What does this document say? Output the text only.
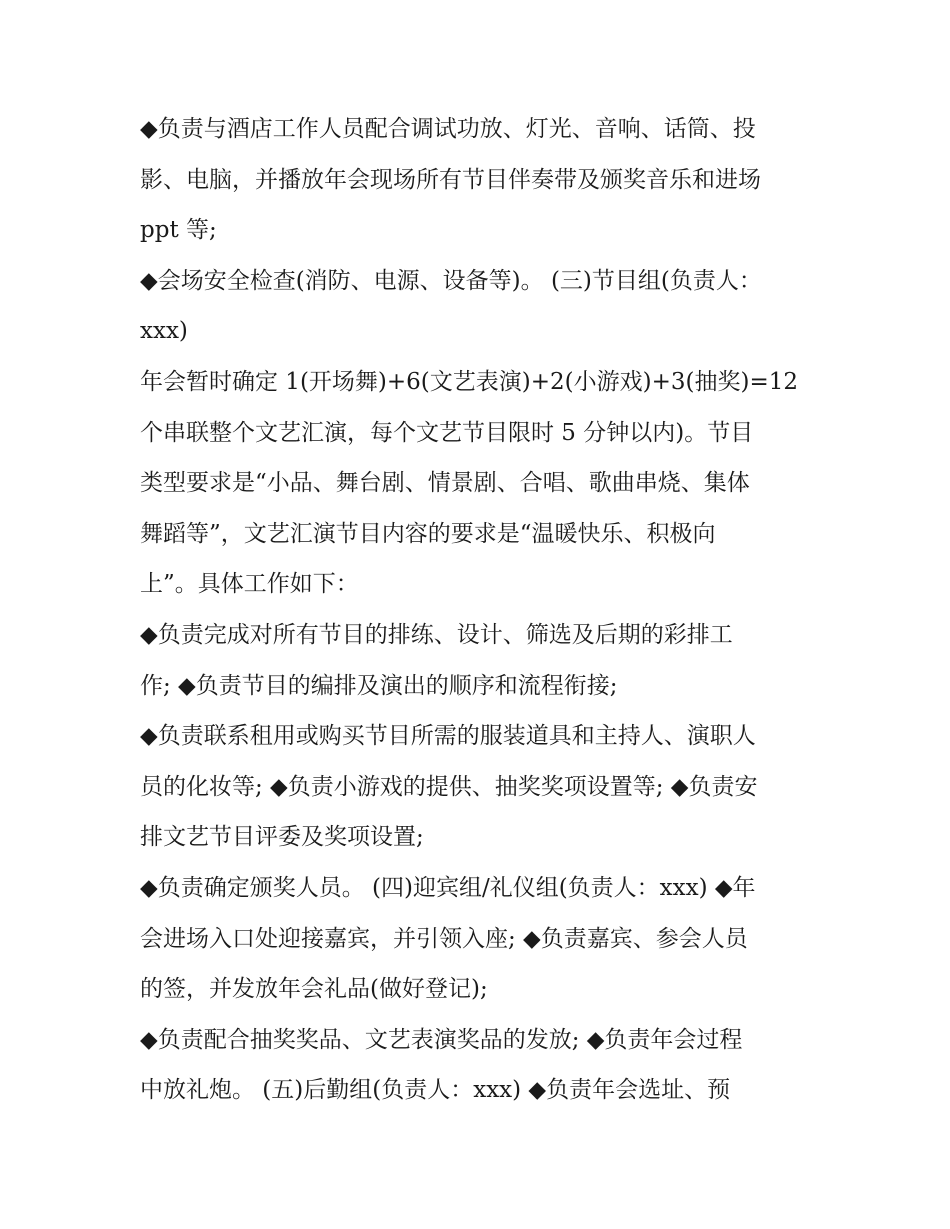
◆负责与酒店工作人员配合调试功放、灯光、音响、话筒、投
影、电脑，并播放年会现场所有节目伴奏带及颁奖音乐和进场
ppt 等;
◆会场安全检查(消防、电源、设备等)。 (三)节目组(负责人：
xxx)
年会暂时确定 1(开场舞)+6(文艺表演)+2(小游戏)+3(抽奖)=12
个串联整个文艺汇演，每个文艺节目限时 5 分钟以内)。节目
类型要求是“小品、舞台剧、情景剧、合唱、歌曲串烧、集体
舞蹈等”，文艺汇演节目内容的要求是“温暖快乐、积极向
上”。具体工作如下：
◆负责完成对所有节目的排练、设计、筛选及后期的彩排工
作; ◆负责节目的编排及演出的顺序和流程衔接;
◆负责联系租用或购买节目所需的服装道具和主持人、演职人
员的化妆等; ◆负责小游戏的提供、抽奖奖项设置等; ◆负责安
排文艺节目评委及奖项设置;
◆负责确定颁奖人员。 (四)迎宾组/礼仪组(负责人：xxx) ◆年
会进场入口处迎接嘉宾，并引领入座; ◆负责嘉宾、参会人员
的签，并发放年会礼品(做好登记);
◆负责配合抽奖奖品、文艺表演奖品的发放; ◆负责年会过程
中放礼炮。 (五)后勤组(负责人：xxx) ◆负责年会选址、预
